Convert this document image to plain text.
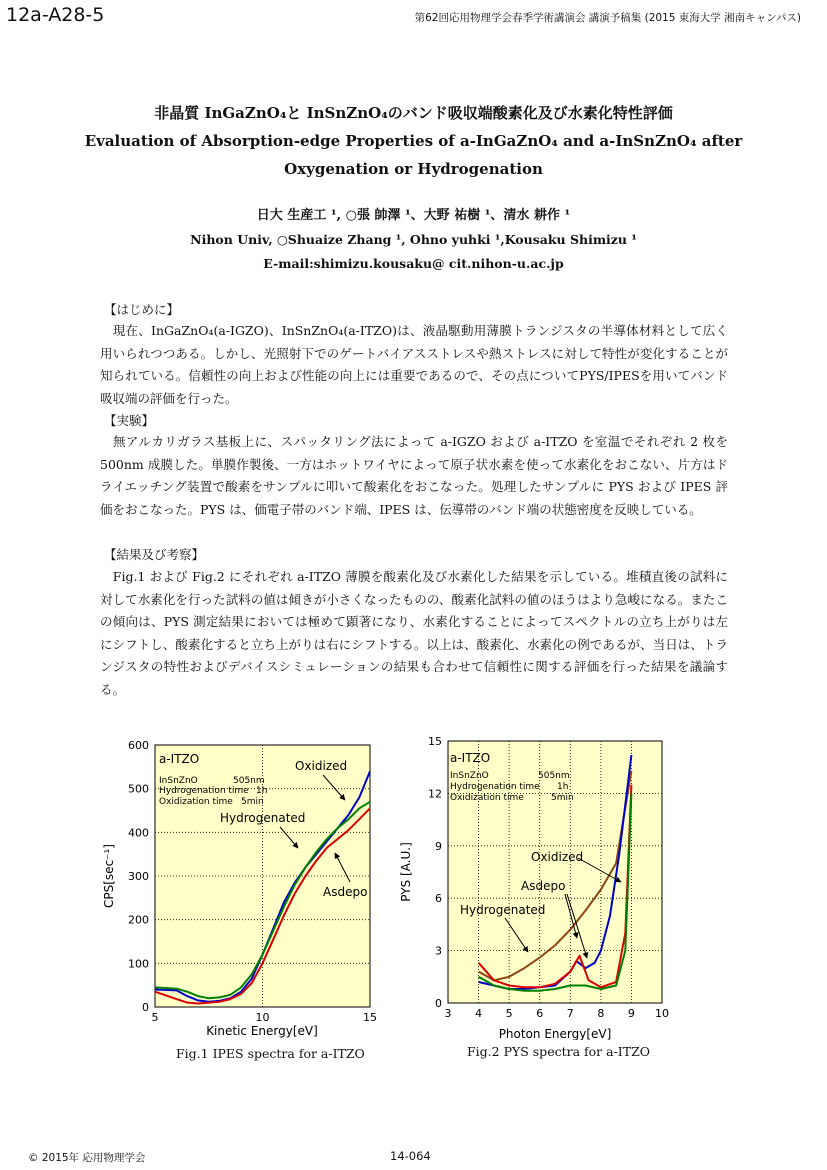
12a-A28-5	第62回応用物理学会春季学術講演会 講演予稿集 (2015 東海大学 湘南キャンパス)
非晶質 InGaZnO₄と InSnZnO₄のバンド吸収端酸素化及び水素化特性評価
Evaluation of Absorption-edge Properties of a-InGaZnO₄ and a-InSnZnO₄ after
Oxygenation or Hydrogenation
日大 生産工 ¹, ○張 帥澤 ¹、大野 祐樹 ¹、清水 耕作 ¹
Nihon Univ, ○Shuaize Zhang ¹, Ohno yuhki ¹,Kousaku Shimizu ¹
E-mail:shimizu.kousaku@ cit.nihon-u.ac.jp
【はじめに】
　現在、InGaZnO₄(a-IGZO)、InSnZnO₄(a-ITZO)は、液晶駆動用薄膜トランジスタの半導体材料として広く用いられつつある。しかし、光照射下でのゲートバイアスストレスや熱ストレスに対して特性が変化することが知られている。信頼性の向上および性能の向上には重要であるので、その点についてPYS/IPESを用いてバンド吸収端の評価を行った。
【実験】
　無アルカリガラス基板上に、スパッタリング法によって a-IGZO および a-ITZO を室温でそれぞれ 2 枚を 500nm 成膜した。単膜作製後、一方はホットワイヤによって原子状水素を使って水素化をおこない、片方はドライエッチング装置で酸素をサンプルに叩いて酸素化をおこなった。処理したサンプルに PYS および IPES 評価をおこなった。PYS は、価電子帯のバンド端、IPES は、伝導帯のバンド端の状態密度を反映している。
【結果及び考察】
　Fig.1 および Fig.2 にそれぞれ a-ITZO 薄膜を酸素化及び水素化した結果を示している。堆積直後の試料に対して水素化を行った試料の値は傾きが小さくなったものの、酸素化試料の値のほうはより急峻になる。またこの傾向は、PYS 測定結果においては極めて顕著になり、水素化することによってスペクトルの立ち上がりは左にシフトし、酸素化すると立ち上がりは右にシフトする。以上は、酸素化、水素化の例であるが、当日は、トランジスタの特性およびデバイスシミュレーションの結果も合わせて信頼性に関する評価を行った結果を議論する。
5	10	15
0
100
200
300
400
500
600
a-ITZO
InSnZnO	505nm
Hydrogenation time 1h
Oxidization time 5min
Oxidized
Hydrogenated
Asdepo
Kinetic Energy[eV]
CPS[sec⁻¹]
Fig.1 IPES spectra for a-ITZO
3 4 5 6 7 8 9 10
0
3
6
9
12
15
a-ITZO
InSnZnO	505nm
Hydrogenation time 1h
Oxidization time	5min
Oxidized
Asdepo
Hydrogenated
Photon Energy[eV]
PYS [A.U.]
Fig.2 PYS spectra for a-ITZO
© 2015年 応用物理学会	14-064
